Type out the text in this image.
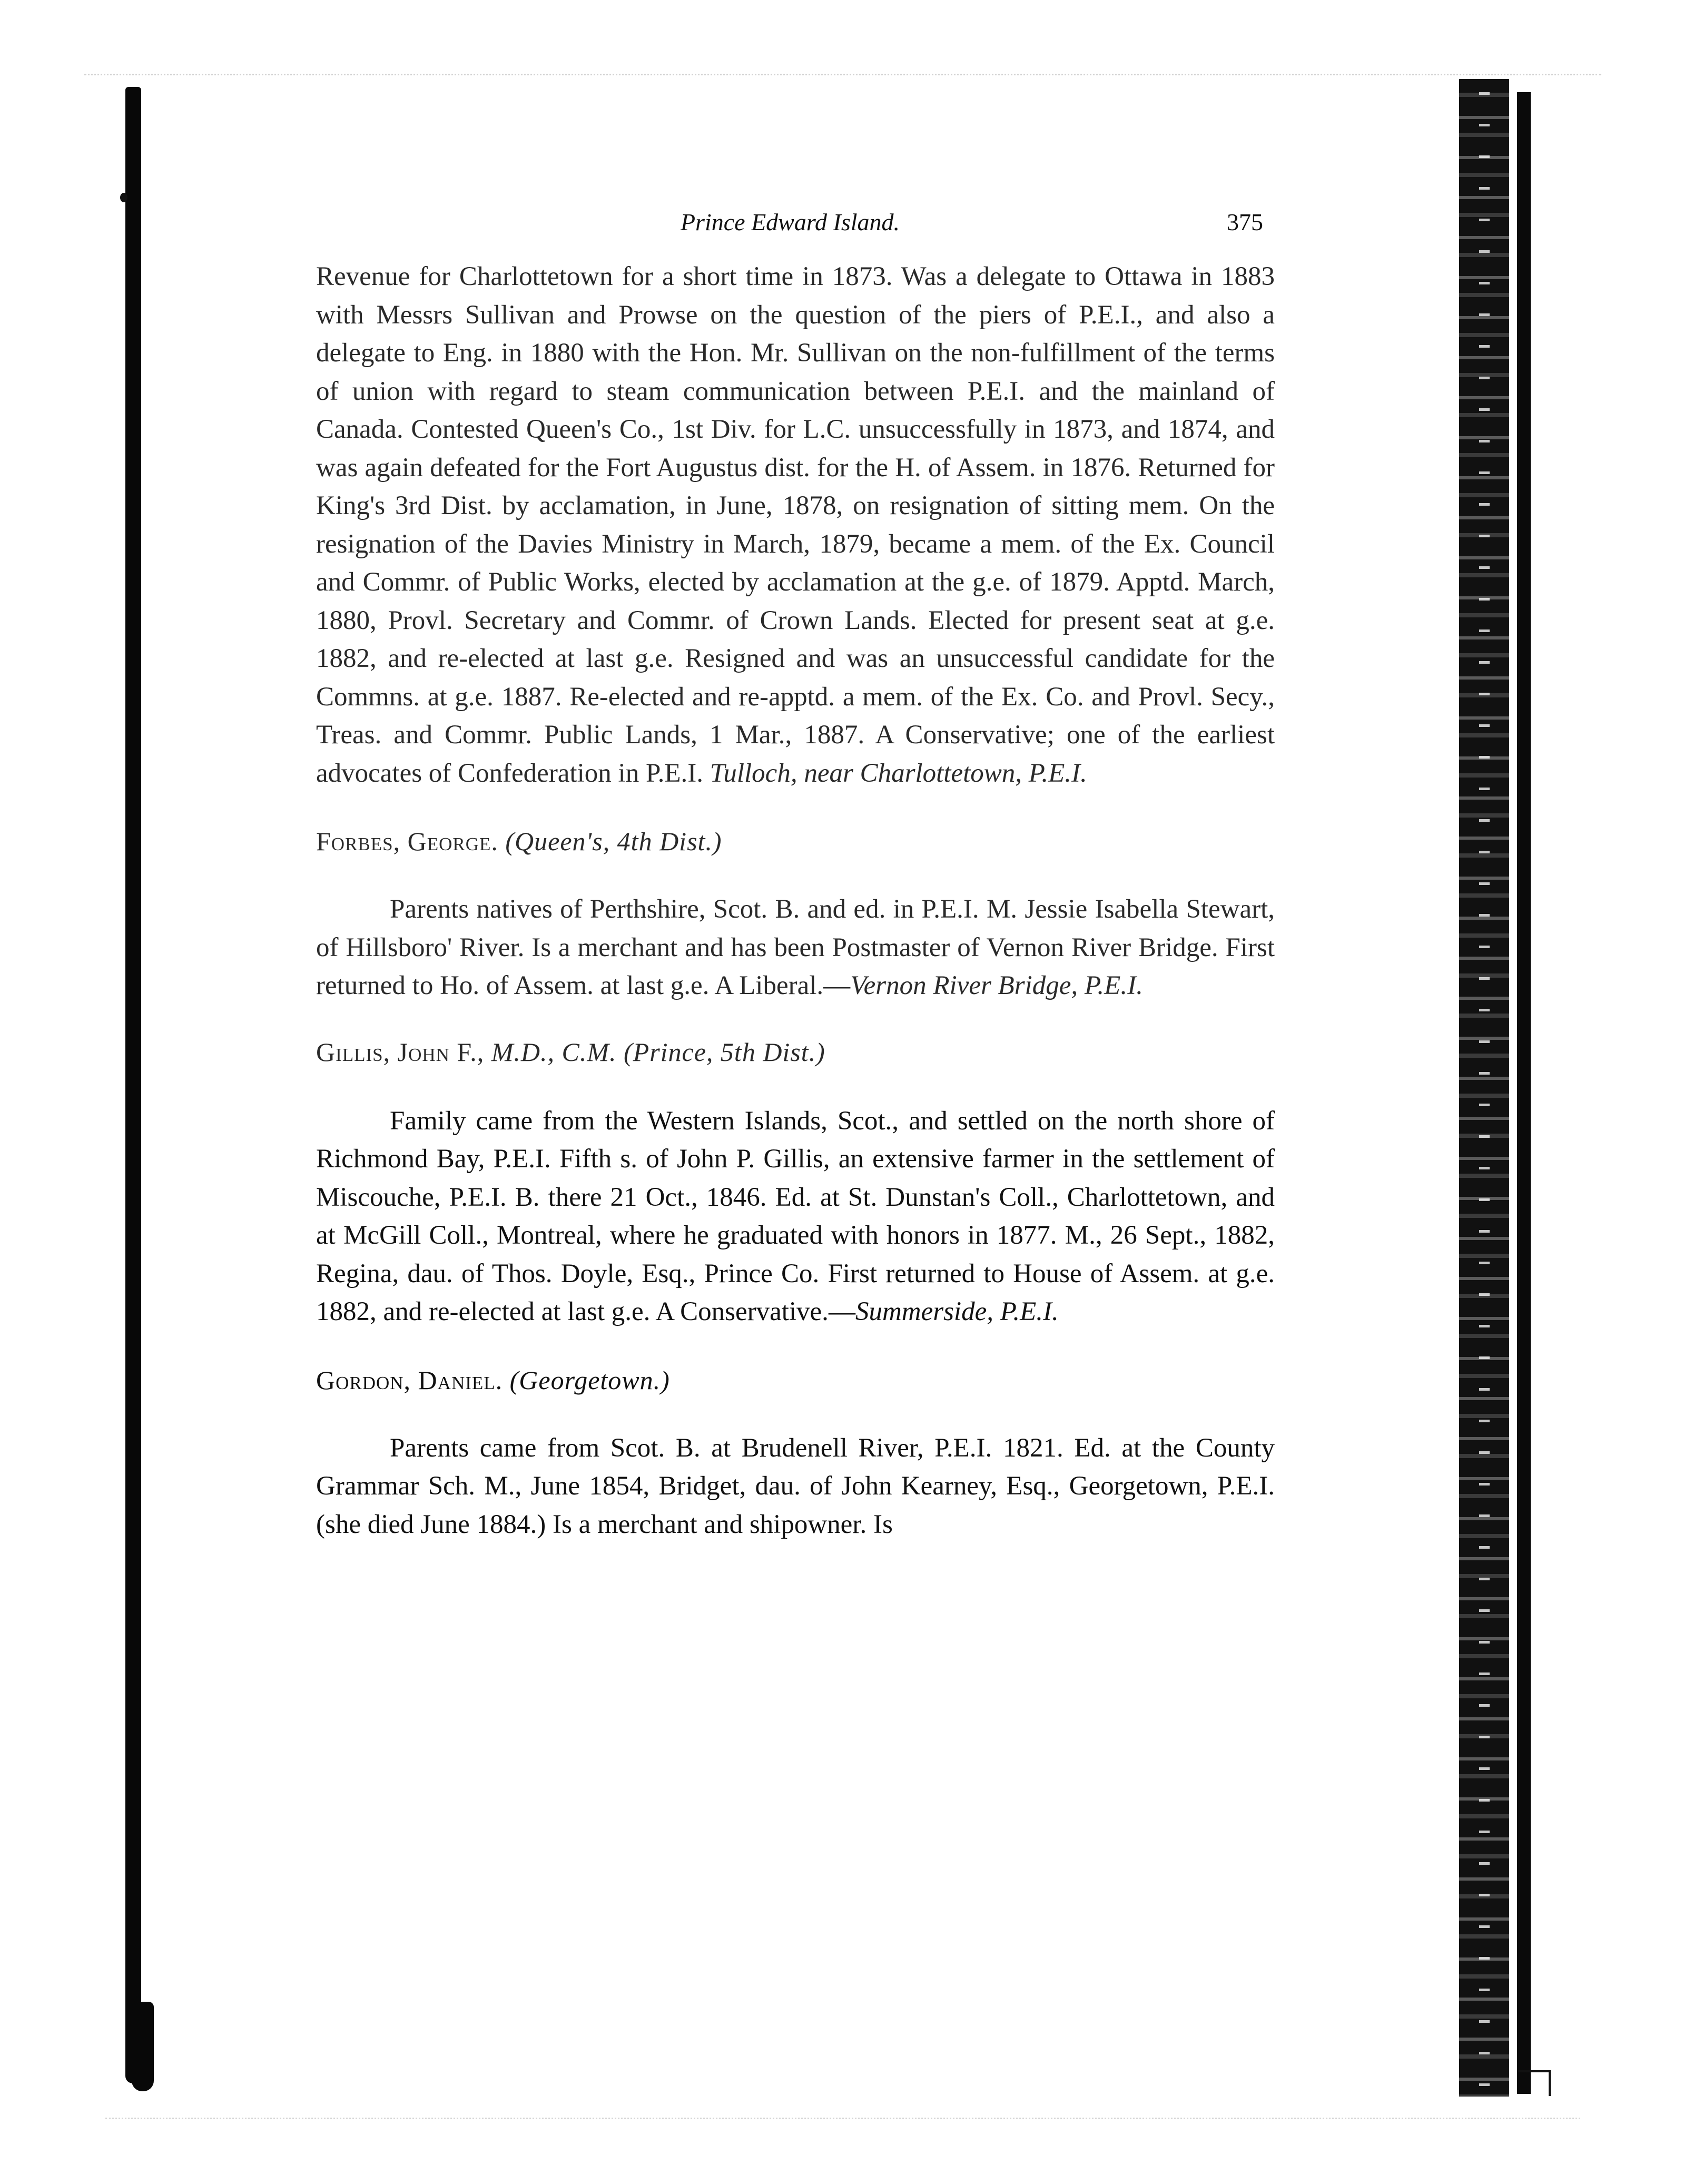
Prince Edward Island.	375

Revenue for Charlottetown for a short time in 1873. Was a delegate to Ottawa in 1883 with Messrs Sullivan and Prowse on the question of the piers of P.E.I., and also a delegate to Eng. in 1880 with the Hon. Mr. Sullivan on the non-fulfillment of the terms of union with regard to steam communication between P.E.I. and the mainland of Canada. Contested Queen's Co., 1st Div. for L.C. unsuccessfully in 1873, and 1874, and was again defeated for the Fort Augustus dist. for the H. of Assem. in 1876. Returned for King's 3rd Dist. by acclamation, in June, 1878, on resignation of sitting mem. On the resignation of the Davies Ministry in March, 1879, became a mem. of the Ex. Council and Commr. of Public Works, elected by acclamation at the g.e. of 1879. Apptd. March, 1880, Provl. Secretary and Commr. of Crown Lands. Elected for present seat at g.e. 1882, and re-elected at last g.e. Resigned and was an unsuccessful candidate for the Commns. at g.e. 1887. Re-elected and re-apptd. a mem. of the Ex. Co. and Provl. Secy., Treas. and Commr. Public Lands, 1 Mar., 1887. A Conservative; one of the earliest advocates of Confederation in P.E.I. Tulloch, near Charlottetown, P.E.I.

Forbes, George. (Queen's, 4th Dist.)

Parents natives of Perthshire, Scot. B. and ed. in P.E.I. M. Jessie Isabella Stewart, of Hillsboro' River. Is a merchant and has been Postmaster of Vernon River Bridge. First returned to Ho. of Assem. at last g.e. A Liberal.—Vernon River Bridge, P.E.I.

Gillis, John F., M.D., C.M. (Prince, 5th Dist.)

Family came from the Western Islands, Scot., and settled on the north shore of Richmond Bay, P.E.I. Fifth s. of John P. Gillis, an extensive farmer in the settlement of Miscouche, P.E.I. B. there 21 Oct., 1846. Ed. at St. Dunstan's Coll., Charlottetown, and at McGill Coll., Montreal, where he graduated with honors in 1877. M., 26 Sept., 1882, Regina, dau. of Thos. Doyle, Esq., Prince Co. First returned to House of Assem. at g.e. 1882, and re-elected at last g.e. A Conservative.—Summerside, P.E.I.

Gordon, Daniel. (Georgetown.)

Parents came from Scot. B. at Brudenell River, P.E.I. 1821. Ed. at the County Grammar Sch. M., June 1854, Bridget, dau. of John Kearney, Esq., Georgetown, P.E.I. (she died June 1884.) Is a merchant and shipowner. Is
